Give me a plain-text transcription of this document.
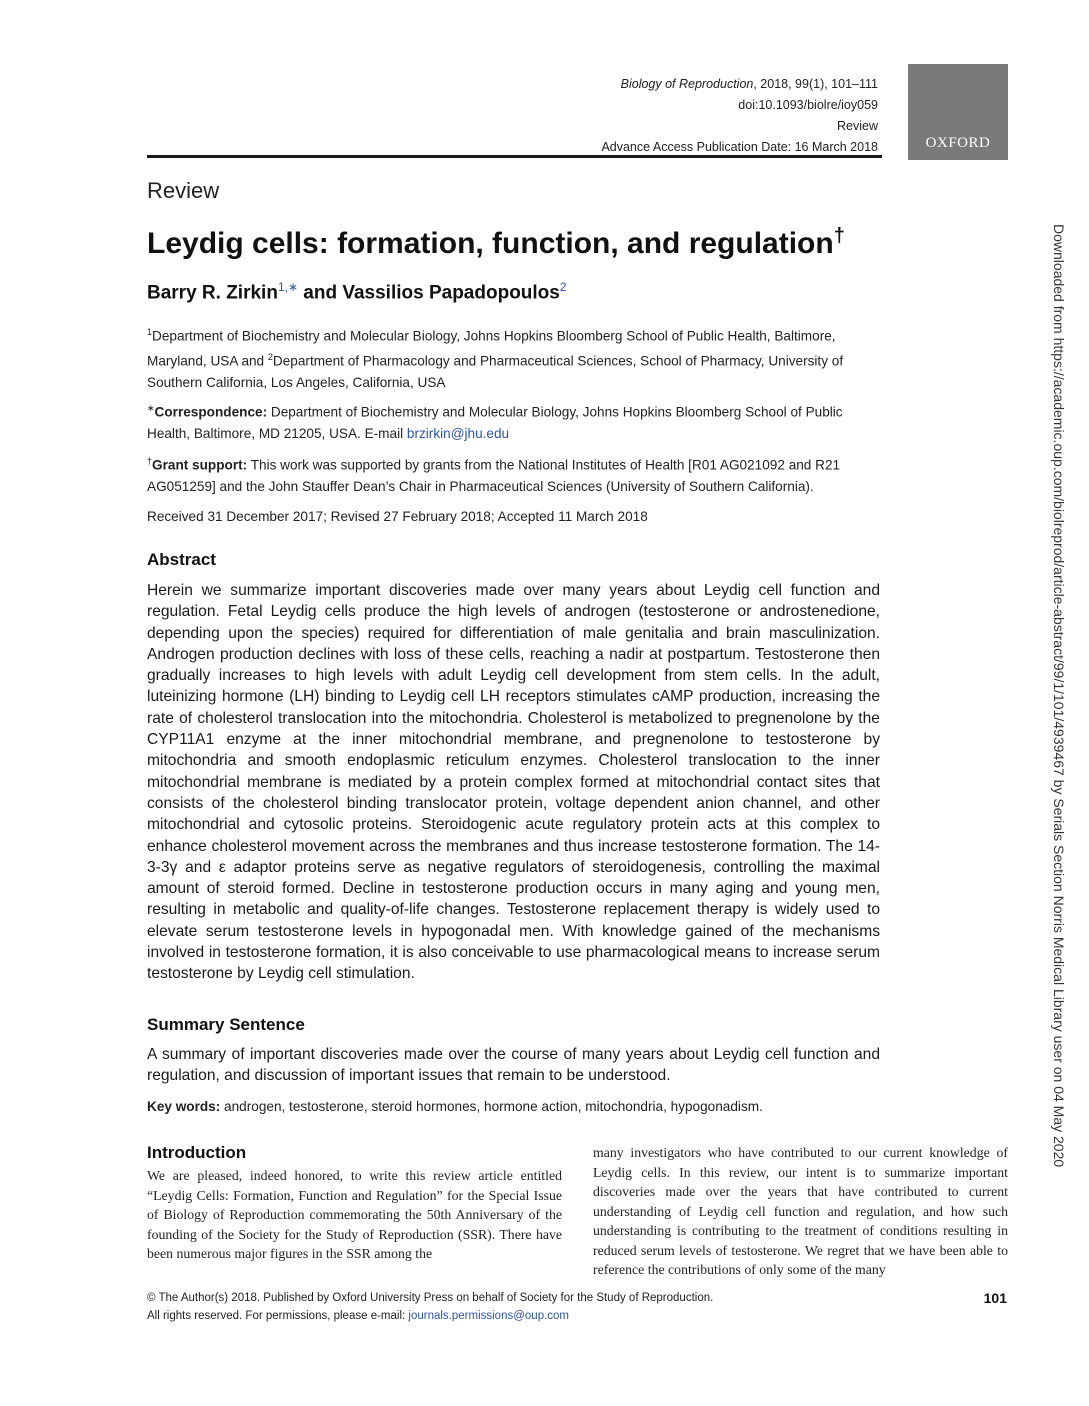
Biology of Reproduction, 2018, 99(1), 101–111
doi:10.1093/biolre/ioy059
Review
Advance Access Publication Date: 16 March 2018	OXFORD
Review
Leydig cells: formation, function, and regulation†
Barry R. Zirkin$^{1,∗}$ and Vassilios Papadopoulos$^2$
$^1$Department of Biochemistry and Molecular Biology, Johns Hopkins Bloomberg School of Public Health, Baltimore, Maryland, USA and $^2$Department of Pharmacology and Pharmaceutical Sciences, School of Pharmacy, University of Southern California, Los Angeles, California, USA
∗Correspondence: Department of Biochemistry and Molecular Biology, Johns Hopkins Bloomberg School of Public Health, Baltimore, MD 21205, USA. E-mail brzirkin@jhu.edu
†Grant support: This work was supported by grants from the National Institutes of Health [R01 AG021092 and R21 AG051259] and the John Stauffer Dean’s Chair in Pharmaceutical Sciences (University of Southern California).
Received 31 December 2017; Revised 27 February 2018; Accepted 11 March 2018
Abstract
Herein we summarize important discoveries made over many years about Leydig cell function and regulation. Fetal Leydig cells produce the high levels of androgen (testosterone or androstenedione, depending upon the species) required for differentiation of male genitalia and brain masculinization. Androgen production declines with loss of these cells, reaching a nadir at postpartum. Testosterone then gradually increases to high levels with adult Leydig cell development from stem cells. In the adult, luteinizing hormone (LH) binding to Leydig cell LH receptors stimulates cAMP production, increasing the rate of cholesterol translocation into the mitochondria. Cholesterol is metabolized to pregnenolone by the CYP11A1 enzyme at the inner mitochondrial membrane, and pregnenolone to testosterone by mitochondria and smooth endoplasmic reticulum enzymes. Cholesterol translocation to the inner mitochondrial membrane is mediated by a protein complex formed at mitochondrial contact sites that consists of the cholesterol binding translocator protein, voltage dependent anion channel, and other mitochondrial and cytosolic proteins. Steroidogenic acute regulatory protein acts at this complex to enhance cholesterol movement across the membranes and thus increase testosterone formation. The 14-3-3γ and ε adaptor proteins serve as negative regulators of steroidogenesis, controlling the maximal amount of steroid formed. Decline in testosterone production occurs in many aging and young men, resulting in metabolic and quality-of-life changes. Testosterone replacement therapy is widely used to elevate serum testosterone levels in hypogonadal men. With knowledge gained of the mechanisms involved in testosterone formation, it is also conceivable to use pharmacological means to increase serum testosterone by Leydig cell stimulation.
Summary Sentence
A summary of important discoveries made over the course of many years about Leydig cell function and regulation, and discussion of important issues that remain to be understood.
Key words: androgen, testosterone, steroid hormones, hormone action, mitochondria, hypogonadism.
Introduction
We are pleased, indeed honored, to write this review article entitled “Leydig Cells: Formation, Function and Regulation” for the Special Issue of Biology of Reproduction commemorating the 50th Anniversary of the founding of the Society for the Study of Reproduction (SSR). There have been numerous major figures in the SSR among the
many investigators who have contributed to our current knowledge of Leydig cells. In this review, our intent is to summarize important discoveries made over the years that have contributed to current understanding of Leydig cell function and regulation, and how such understanding is contributing to the treatment of conditions resulting in reduced serum levels of testosterone. We regret that we have been able to reference the contributions of only some of the many
© The Author(s) 2018. Published by Oxford University Press on behalf of Society for the Study of Reproduction.
All rights reserved. For permissions, please e-mail: journals.permissions@oup.com
101
Downloaded from https://academic.oup.com/biolreprod/article-abstract/99/1/101/4939467 by Serials Section Norris Medical Library user on 04 May 2020
